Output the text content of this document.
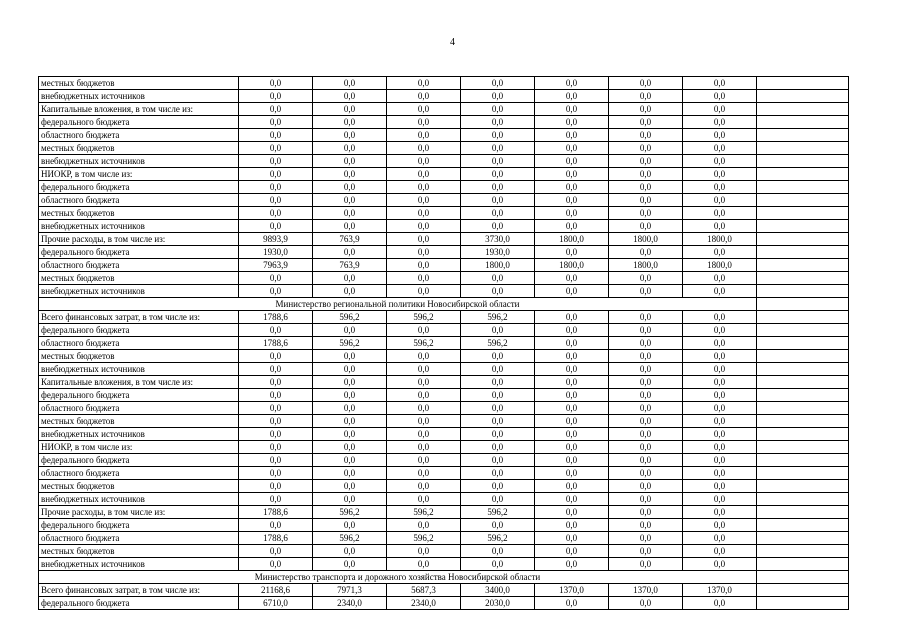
4
местных бюджетов	0,0	0,0	0,0	0,0	0,0	0,0	0,0	
внебюджетных источников	0,0	0,0	0,0	0,0	0,0	0,0	0,0	
Капитальные вложения, в том числе из:	0,0	0,0	0,0	0,0	0,0	0,0	0,0	
федерального бюджета	0,0	0,0	0,0	0,0	0,0	0,0	0,0	
областного бюджета	0,0	0,0	0,0	0,0	0,0	0,0	0,0	
местных бюджетов	0,0	0,0	0,0	0,0	0,0	0,0	0,0	
внебюджетных источников	0,0	0,0	0,0	0,0	0,0	0,0	0,0	
НИОКР, в том числе из:	0,0	0,0	0,0	0,0	0,0	0,0	0,0	
федерального бюджета	0,0	0,0	0,0	0,0	0,0	0,0	0,0	
областного бюджета	0,0	0,0	0,0	0,0	0,0	0,0	0,0	
местных бюджетов	0,0	0,0	0,0	0,0	0,0	0,0	0,0	
внебюджетных источников	0,0	0,0	0,0	0,0	0,0	0,0	0,0	
Прочие расходы, в том числе из:	9893,9	763,9	0,0	3730,0	1800,0	1800,0	1800,0	
федерального бюджета	1930,0	0,0	0,0	1930,0	0,0	0,0	0,0	
областного бюджета	7963,9	763,9	0,0	1800,0	1800,0	1800,0	1800,0	
местных бюджетов	0,0	0,0	0,0	0,0	0,0	0,0	0,0	
внебюджетных источников	0,0	0,0	0,0	0,0	0,0	0,0	0,0	
Министерство региональной политики Новосибирской области								
Всего финансовых затрат, в том числе из:	1788,6	596,2	596,2	596,2	0,0	0,0	0,0	
федерального бюджета	0,0	0,0	0,0	0,0	0,0	0,0	0,0	
областного бюджета	1788,6	596,2	596,2	596,2	0,0	0,0	0,0	
местных бюджетов	0,0	0,0	0,0	0,0	0,0	0,0	0,0	
внебюджетных источников	0,0	0,0	0,0	0,0	0,0	0,0	0,0	
Капитальные вложения, в том числе из:	0,0	0,0	0,0	0,0	0,0	0,0	0,0	
федерального бюджета	0,0	0,0	0,0	0,0	0,0	0,0	0,0	
областного бюджета	0,0	0,0	0,0	0,0	0,0	0,0	0,0	
местных бюджетов	0,0	0,0	0,0	0,0	0,0	0,0	0,0	
внебюджетных источников	0,0	0,0	0,0	0,0	0,0	0,0	0,0	
НИОКР, в том числе из:	0,0	0,0	0,0	0,0	0,0	0,0	0,0	
федерального бюджета	0,0	0,0	0,0	0,0	0,0	0,0	0,0	
областного бюджета	0,0	0,0	0,0	0,0	0,0	0,0	0,0	
местных бюджетов	0,0	0,0	0,0	0,0	0,0	0,0	0,0	
внебюджетных источников	0,0	0,0	0,0	0,0	0,0	0,0	0,0	
Прочие расходы, в том числе из:	1788,6	596,2	596,2	596,2	0,0	0,0	0,0	
федерального бюджета	0,0	0,0	0,0	0,0	0,0	0,0	0,0	
областного бюджета	1788,6	596,2	596,2	596,2	0,0	0,0	0,0	
местных бюджетов	0,0	0,0	0,0	0,0	0,0	0,0	0,0	
внебюджетных источников	0,0	0,0	0,0	0,0	0,0	0,0	0,0	
Министерство транспорта и дорожного хозяйства Новосибирской области								
Всего финансовых затрат, в том числе из:	21168,6	7971,3	5687,3	3400,0	1370,0	1370,0	1370,0	
федерального бюджета	6710,0	2340,0	2340,0	2030,0	0,0	0,0	0,0	
